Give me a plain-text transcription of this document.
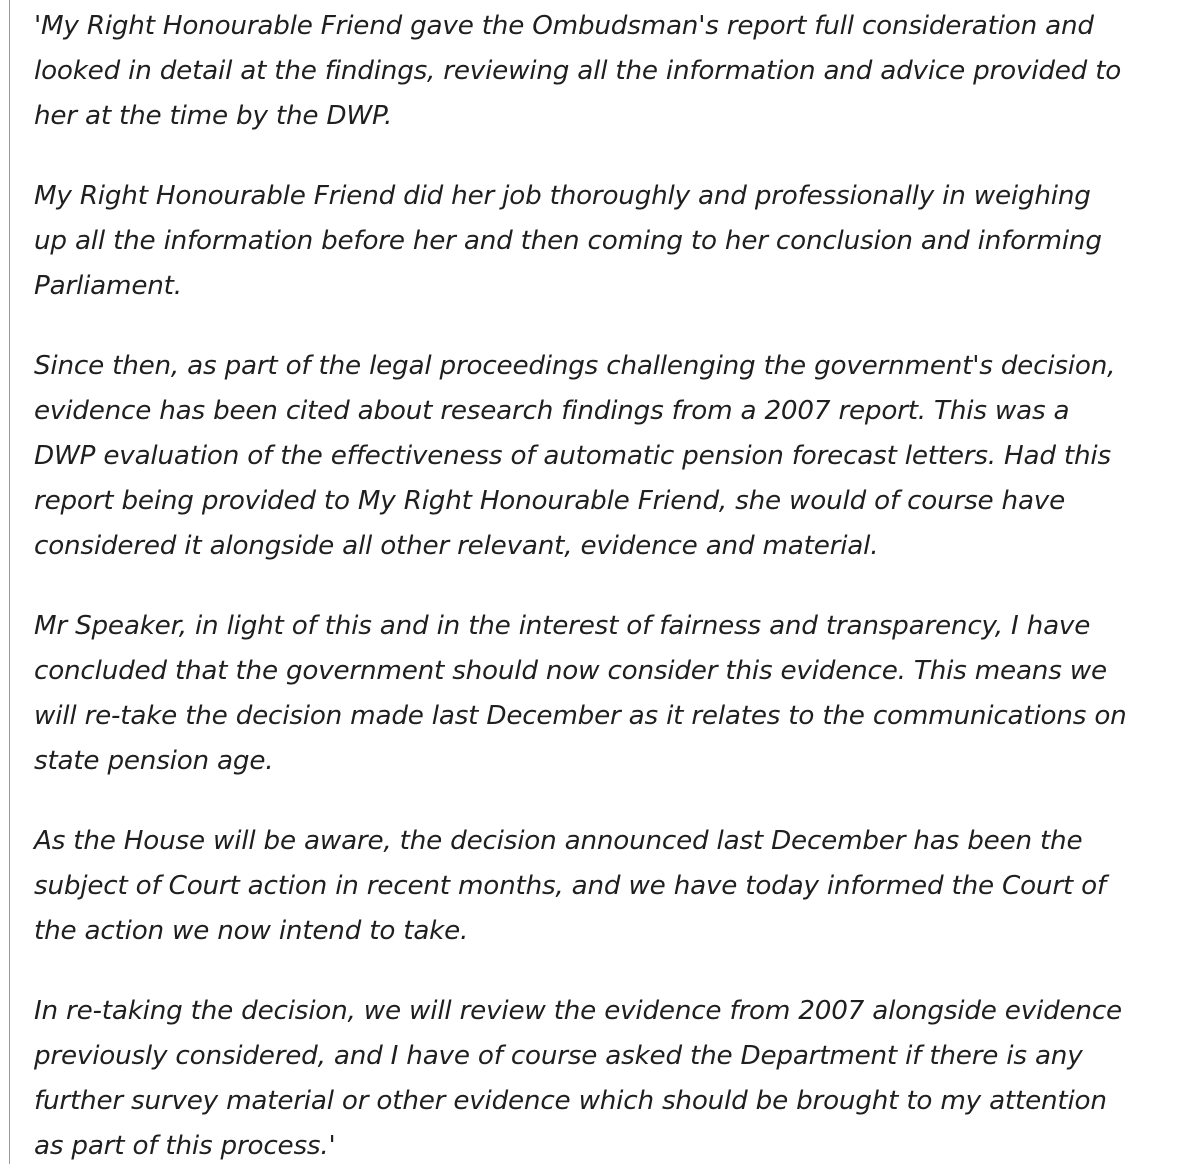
'My Right Honourable Friend gave the Ombudsman's report full consideration and
looked in detail at the findings, reviewing all the information and advice provided to
her at the time by the DWP.

My Right Honourable Friend did her job thoroughly and professionally in weighing
up all the information before her and then coming to her conclusion and informing
Parliament.

Since then, as part of the legal proceedings challenging the government's decision,
evidence has been cited about research findings from a 2007 report. This was a
DWP evaluation of the effectiveness of automatic pension forecast letters. Had this
report being provided to My Right Honourable Friend, she would of course have
considered it alongside all other relevant, evidence and material.

Mr Speaker, in light of this and in the interest of fairness and transparency, I have
concluded that the government should now consider this evidence. This means we
will re-take the decision made last December as it relates to the communications on
state pension age.

As the House will be aware, the decision announced last December has been the
subject of Court action in recent months, and we have today informed the Court of
the action we now intend to take.

In re-taking the decision, we will review the evidence from 2007 alongside evidence
previously considered, and I have of course asked the Department if there is any
further survey material or other evidence which should be brought to my attention
as part of this process.'
